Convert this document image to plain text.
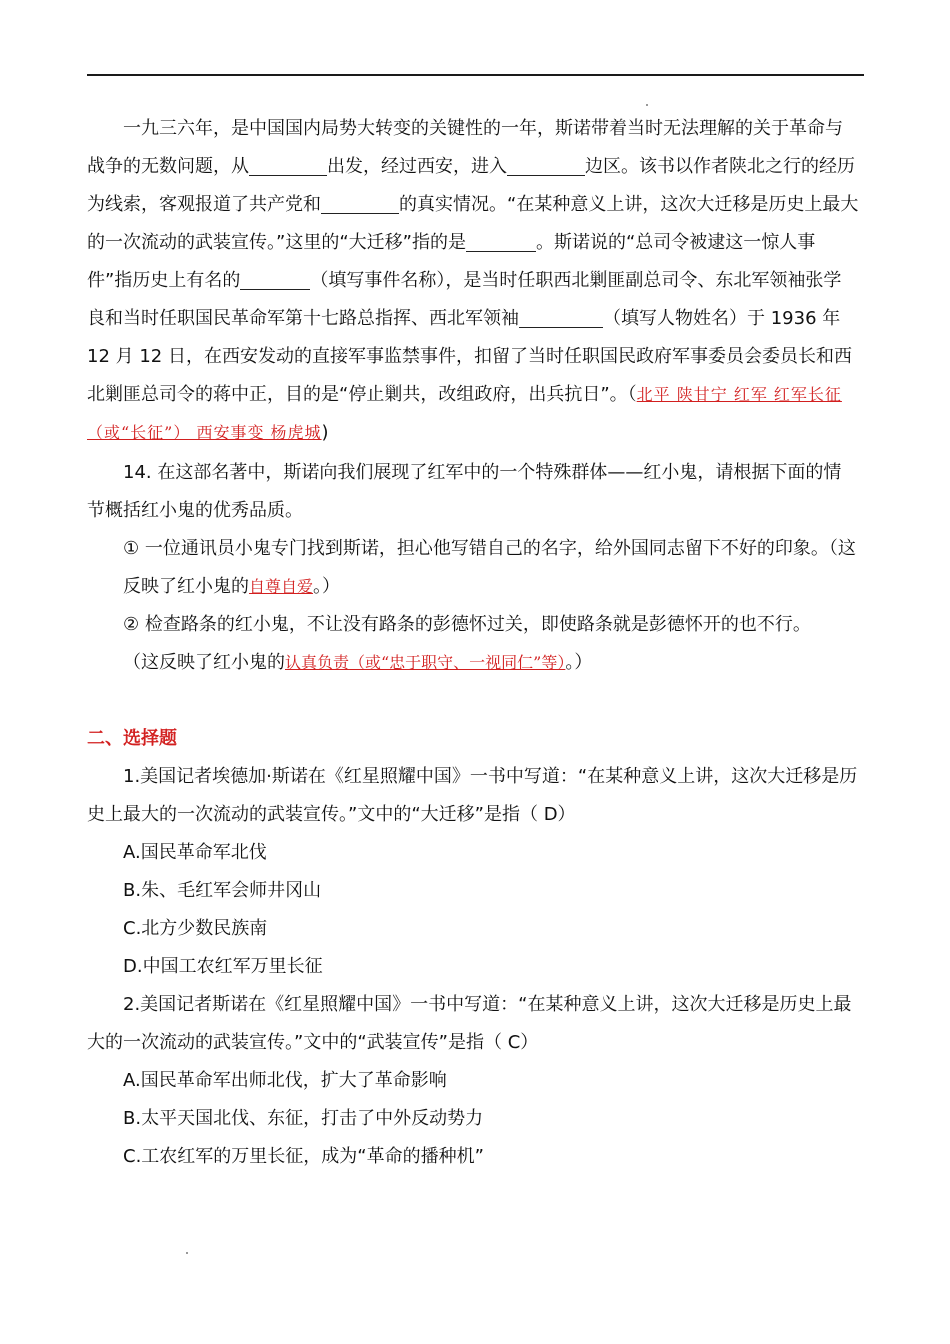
一九三六年，是中国国内局势大转变的关键性的一年，斯诺带着当时无法理解的关于革命与战争的无数问题，从	出发，经过西安，进入	边区。该书以作者陕北之行的经历为线索，客观报道了共产党和	的真实情况。“在某种意义上讲，这次大迁移是历史上最大的一次流动的武装宣传。”这里的“大迁移”指的是	。斯诺说的“总司令被逮这一惊人事件”指历史上有名的	（填写事件名称），是当时任职西北剿匪副总司令、东北军领袖张学良和当时任职国民革命军第十七路总指挥、西北军领袖	（填写人物姓名）于 1936 年 12 月 12 日，在西安发动的直接军事监禁事件，扣留了当时任职国民政府军事委员会委员长和西北剿匪总司令的蒋中正，目的是“停止剿共，改组政府，出兵抗日”。（北平 陕甘宁 红军 红军长征（或“长征”） 西安事变 杨虎城)

14. 在这部名著中，斯诺向我们展现了红军中的一个特殊群体——红小鬼，请根据下面的情节概括红小鬼的优秀品质。

① 一位通讯员小鬼专门找到斯诺，担心他写错自己的名字，给外国同志留下不好的印象。（这反映了红小鬼的自尊自爱。）

② 检查路条的红小鬼，不让没有路条的彭德怀过关，即使路条就是彭德怀开的也不行。
（这反映了红小鬼的认真负责（或“忠于职守、一视同仁”等）。）

二、选择题

1.美国记者埃德加·斯诺在《红星照耀中国》一书中写道：“在某种意义上讲，这次大迁移是历史上最大的一次流动的武装宣传。”文中的“大迁移”是指（ D）

A.国民革命军北伐

B.朱、毛红军会师井冈山

C.北方少数民族南

D.中国工农红军万里长征

2.美国记者斯诺在《红星照耀中国》一书中写道：“在某种意义上讲，这次大迁移是历史上最大的一次流动的武装宣传。”文中的“武装宣传”是指（ C）

A.国民革命军出师北伐，扩大了革命影响

B.太平天国北伐、东征，打击了中外反动势力

C.工农红军的万里长征，成为“革命的播种机”
